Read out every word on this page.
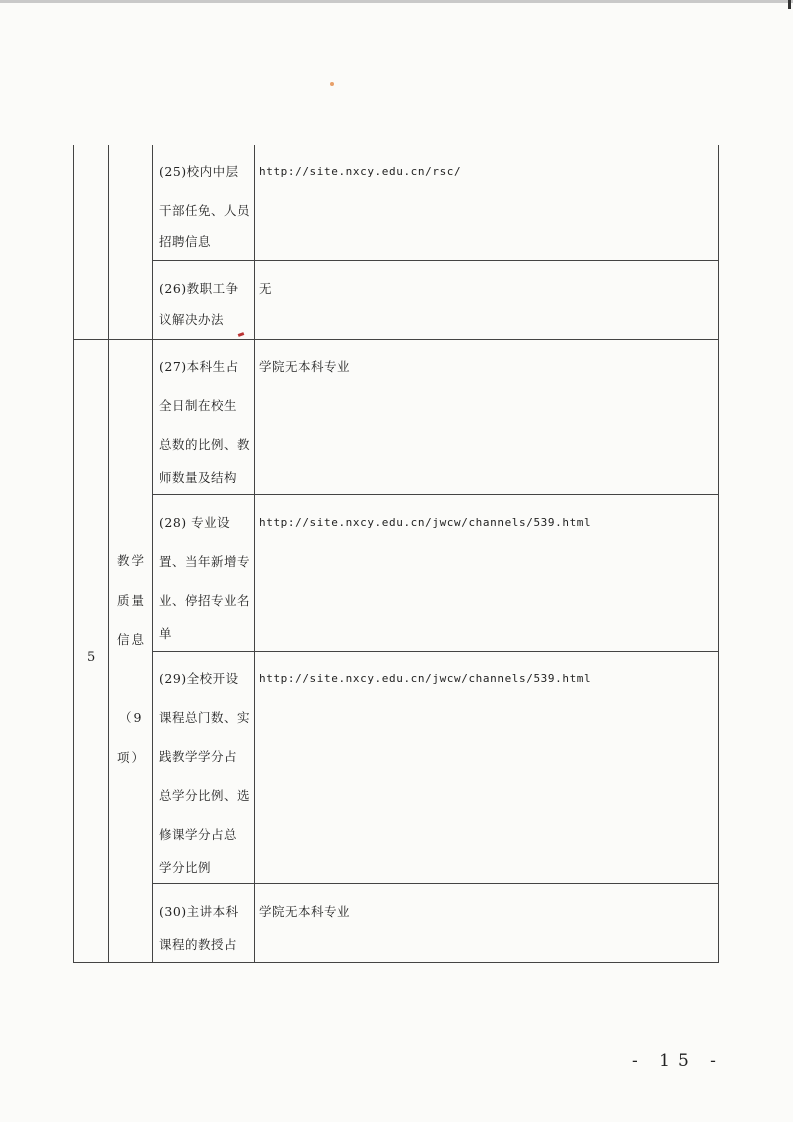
5
教学
质量
信息
（9
项）
(25)校内中层
干部任免、人员
招聘信息
http://site.nxcy.edu.cn/rsc/
(26)教职工争
议解决办法
无
(27)本科生占
全日制在校生
总数的比例、教
师数量及结构
学院无本科专业
(28) 专业设
置、当年新增专
业、停招专业名
单
http://site.nxcy.edu.cn/jwcw/channels/539.html
(29)全校开设
课程总门数、实
践教学学分占
总学分比例、选
修课学分占总
学分比例
http://site.nxcy.edu.cn/jwcw/channels/539.html
(30)主讲本科
课程的教授占
学院无本科专业
- 15 -
